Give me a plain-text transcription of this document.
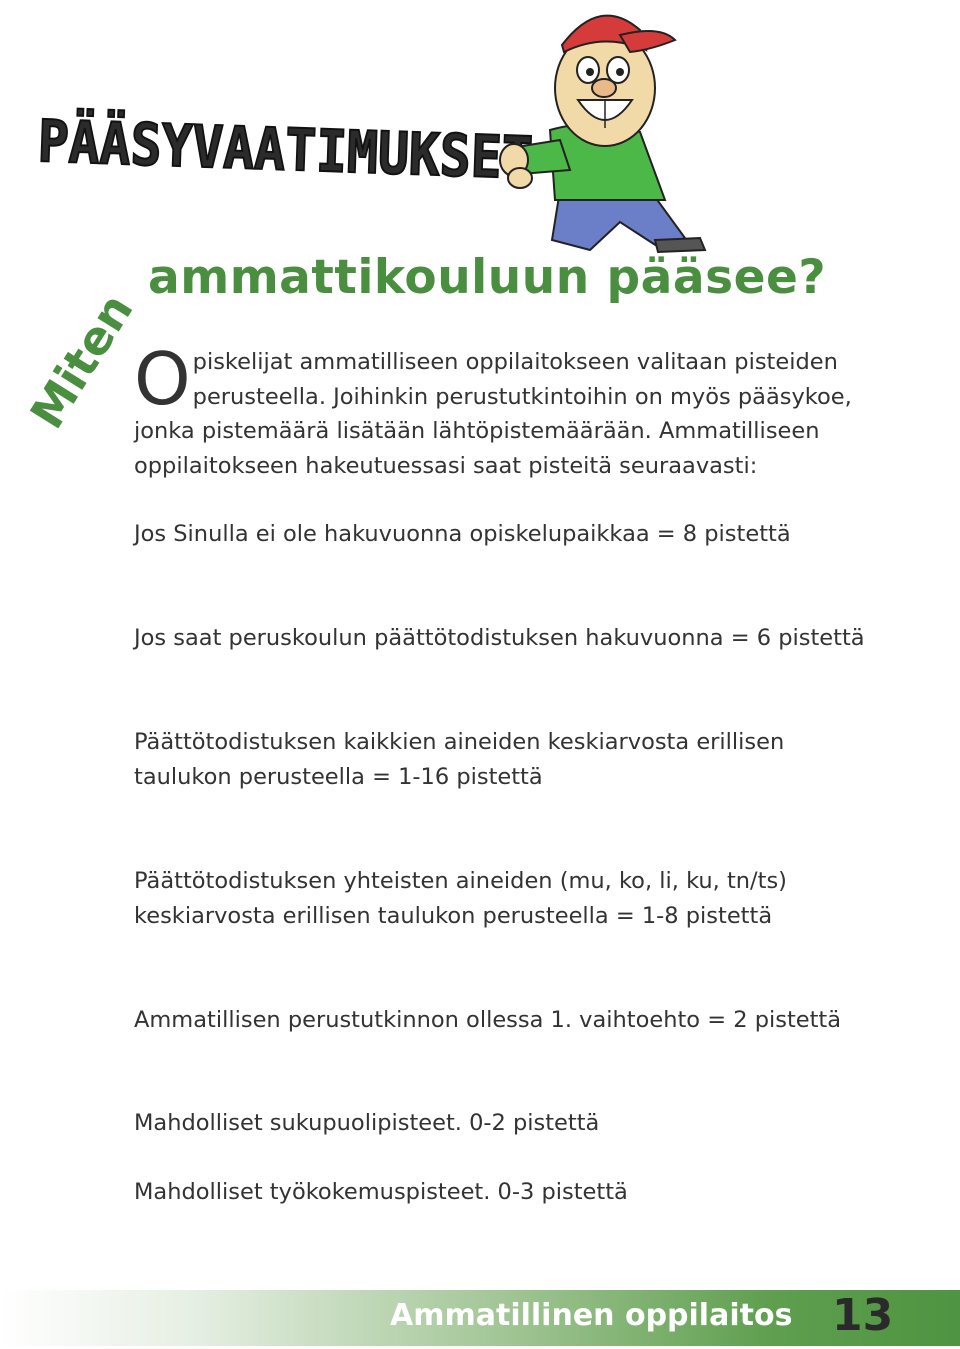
PÄÄSYVAATIMUKSET
Miten
ammattikouluun pääsee?

Opiskelijat ammatilliseen oppilaitokseen valitaan pisteiden perusteella. Joihinkin perustutkintoihin on myös pääsykoe, jonka pistemäärä lisätään lähtöpistemäärään. Ammatilliseen oppilaitokseen hakeutuessasi saat pisteitä seuraavasti:

Jos Sinulla ei ole hakuvuonna opiskelupaikkaa = 8 pistettä

Jos saat peruskoulun päättötodistuksen hakuvuonna = 6 pistettä

Päättötodistuksen kaikkien aineiden keskiarvosta erillisen taulukon perusteella = 1-16 pistettä

Päättötodistuksen yhteisten aineiden (mu, ko, li, ku, tn/ts) keskiarvosta erillisen taulukon perusteella = 1-8 pistettä

Ammatillisen perustutkinnon ollessa 1. vaihtoehto = 2 pistettä

Mahdolliset sukupuolipisteet. 0-2 pistettä

Mahdolliset työkokemuspisteet. 0-3 pistettä

Ammatillinen oppilaitos 13
